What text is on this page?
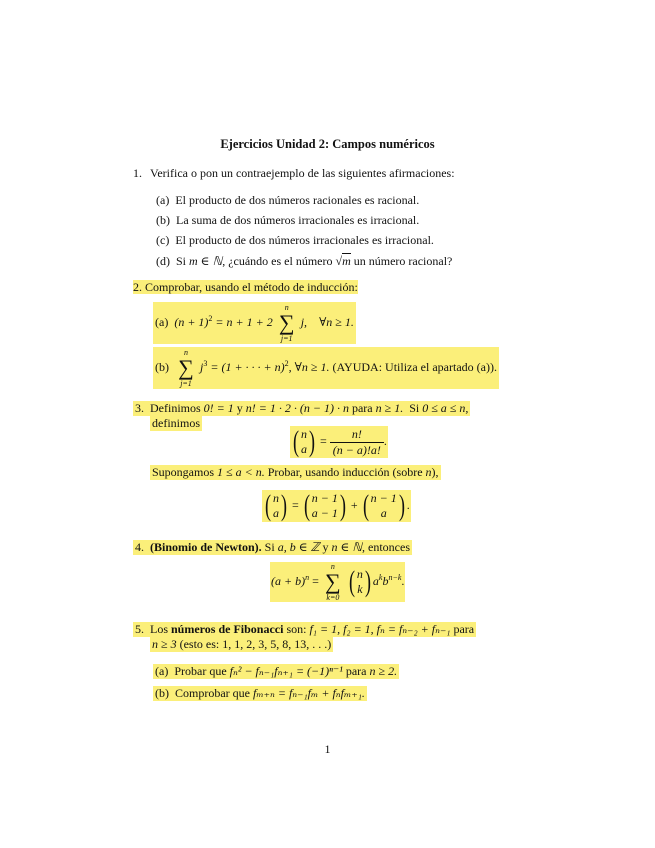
Ejercicios Unidad 2: Campos numéricos
1. Verifica o pon un contraejemplo de las siguientes afirmaciones:
(a) El producto de dos números racionales es racional.
(b) La suma de dos números irracionales es irracional.
(c) El producto de dos números irracionales es irracional.
(d) Si m ∈ ℕ, ¿cuándo es el número √m un número racional?
2. Comprobar, usando el método de inducción:
(a) $(n + 1)^2 = n + 1 + 2$
n
∑
j=1
j, ∀n ≥ 1.
(b)
n
∑
j=1
$j^3 = (1$ + · · · + n)$^2$, ∀n ≥ 1. (AYUDA: Utiliza el apartado (a)).
3. Definimos 0! = 1 y n! = 1 · 2 · (n − 1) · n para n ≥ 1. Si 0 ≤ a ≤ n,
definimos
( n
a ) = $\frac{n!}{(n - a)!a!}$ .
Supongamos 1 ≤ a < n. Probar, usando inducción (sobre n),
( n
a ) = ( n − 1
a − 1 ) + ( n − 1
a ) .
4. (Binomio de Newton). Si a, b ∈ ℤ y n ∈ ℕ, entonces
$(a + b)^n$ =
n
∑
k=0
( n
k ) $a^kb^{n-k}$.
5. Los números de Fibonacci son: f₁ = 1, f₂ = 1, fₙ = fₙ₋₂ + fₙ₋₁ para
n ≥ 3 (esto es: 1, 1, 2, 3, 5, 8, 13, . . .)
(a) Probar que fₙ² − fₙ₋₁fₙ₊₁ = (−1)ⁿ⁻¹ para n ≥ 2.
(b) Comprobar que fₘ₊ₙ = fₙ₋₁fₘ + fₙfₘ₊₁.
1
